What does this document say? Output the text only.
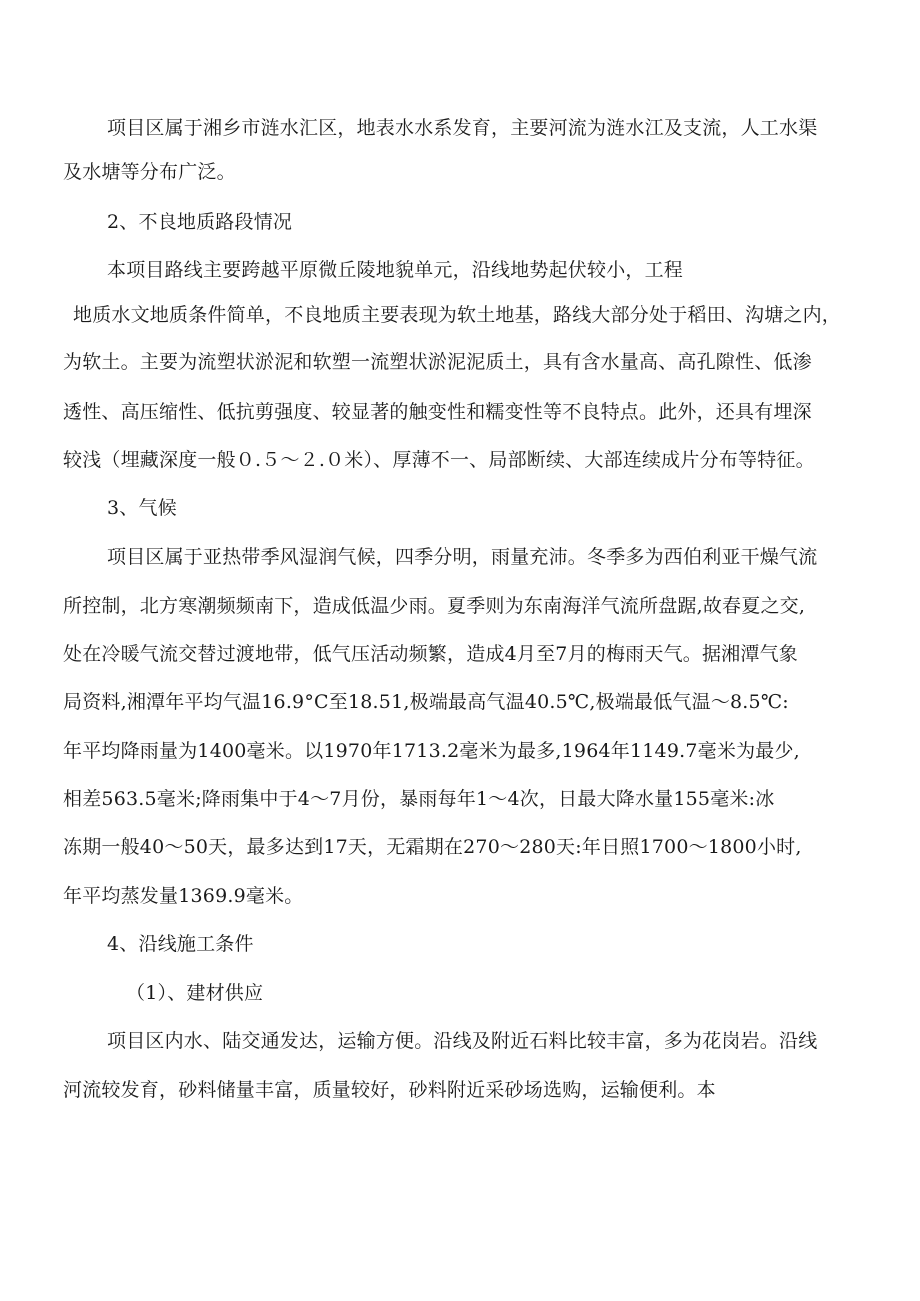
项目区属于湘乡市涟水汇区，地表水水系发育，主要河流为涟水江及支流，人工水渠
及水塘等分布广泛。
2、不良地质路段情况
本项目路线主要跨越平原微丘陵地貌单元，沿线地势起伏较小，工程
地质水文地质条件简单，不良地质主要表现为软土地基，路线大部分处于稻田、沟塘之内，
为软土。主要为流塑状淤泥和软塑一流塑状淤泥泥质土，具有含水量高、高孔隙性、低渗
透性、高压缩性、低抗剪强度、较显著的触变性和糯变性等不良特点。此外，还具有埋深
较浅（埋藏深度一般０.５～２.０米）、厚薄不一、局部断续、大部连续成片分布等特征。
3、气候
项目区属于亚热带季风湿润气候，四季分明，雨量充沛。冬季多为西伯利亚干燥气流
所控制，北方寒潮频频南下，造成低温少雨。夏季则为东南海洋气流所盘踞,故春夏之交,
处在冷暖气流交替过渡地带，低气压活动频繁，造成4月至7月的梅雨天气。据湘潭气象
局资料,湘潭年平均气温16.9°C至18.51,极端最高气温40.5℃,极端最低气温～8.5℃:
年平均降雨量为1400毫米。以1970年1713.2毫米为最多,1964年1149.7毫米为最少,
相差563.5毫米;降雨集中于4～7月份，暴雨每年1～4次，日最大降水量155毫米:冰
冻期一般40～50天，最多达到17天，无霜期在270～280天:年日照1700～1800小时,
年平均蒸发量1369.9毫米。
4、沿线施工条件
（1）、建材供应
项目区内水、陆交通发达，运输方便。沿线及附近石料比较丰富，多为花岗岩。沿线
河流较发育，砂料储量丰富，质量较好，砂料附近采砂场选购，运输便利。本
